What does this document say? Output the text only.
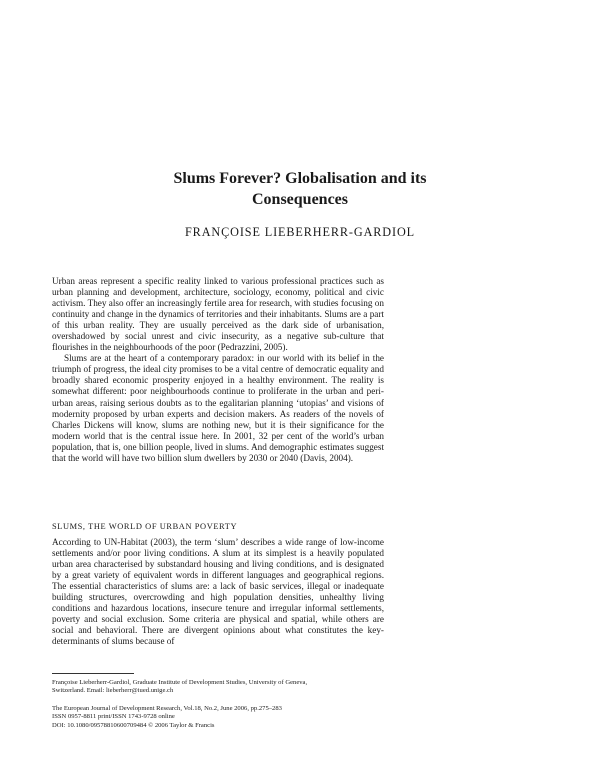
Slums Forever? Globalisation and its
Consequences
FRANÇOISE LIEBERHERR-GARDIOL

Urban areas represent a specific reality linked to various professional practices such as urban planning and development, architecture, sociology, economy, political and civic activism. They also offer an increasingly fertile area for research, with studies focusing on continuity and change in the dynamics of territories and their inhabitants. Slums are a part of this urban reality. They are usually perceived as the dark side of urbanisation, overshadowed by social unrest and civic insecurity, as a negative sub-culture that flourishes in the neighbourhoods of the poor (Pedrazzini, 2005).

Slums are at the heart of a contemporary paradox: in our world with its belief in the triumph of progress, the ideal city promises to be a vital centre of democratic equality and broadly shared economic prosperity enjoyed in a healthy environment. The reality is somewhat different: poor neighbourhoods continue to proliferate in the urban and peri-urban areas, raising serious doubts as to the egalitarian planning ‘utopias’ and visions of modernity proposed by urban experts and decision makers. As readers of the novels of Charles Dickens will know, slums are nothing new, but it is their significance for the modern world that is the central issue here. In 2001, 32 per cent of the world’s urban population, that is, one billion people, lived in slums. And demographic estimates suggest that the world will have two billion slum dwellers by 2030 or 2040 (Davis, 2004).

SLUMS, THE WORLD OF URBAN POVERTY

According to UN-Habitat (2003), the term ‘slum’ describes a wide range of low-income settlements and/or poor living conditions. A slum at its simplest is a heavily populated urban area characterised by substandard housing and living conditions, and is designated by a great variety of equivalent words in different languages and geographical regions. The essential characteristics of slums are: a lack of basic services, illegal or inadequate building structures, overcrowding and high population densities, unhealthy living conditions and hazardous locations, insecure tenure and irregular informal settlements, poverty and social exclusion. Some criteria are physical and spatial, while others are social and behavioral. There are divergent opinions about what constitutes the key-determinants of slums because of

Françoise Lieberherr-Gardiol, Graduate Institute of Development Studies, University of Geneva,
Switzerland. Email: lieberherr@iued.unige.ch
The European Journal of Development Research, Vol.18, No.2, June 2006, pp.275–283
ISSN 0957-8811 print/ISSN 1743-9728 online
DOI: 10.1080/09578810600709484 © 2006 Taylor & Francis
